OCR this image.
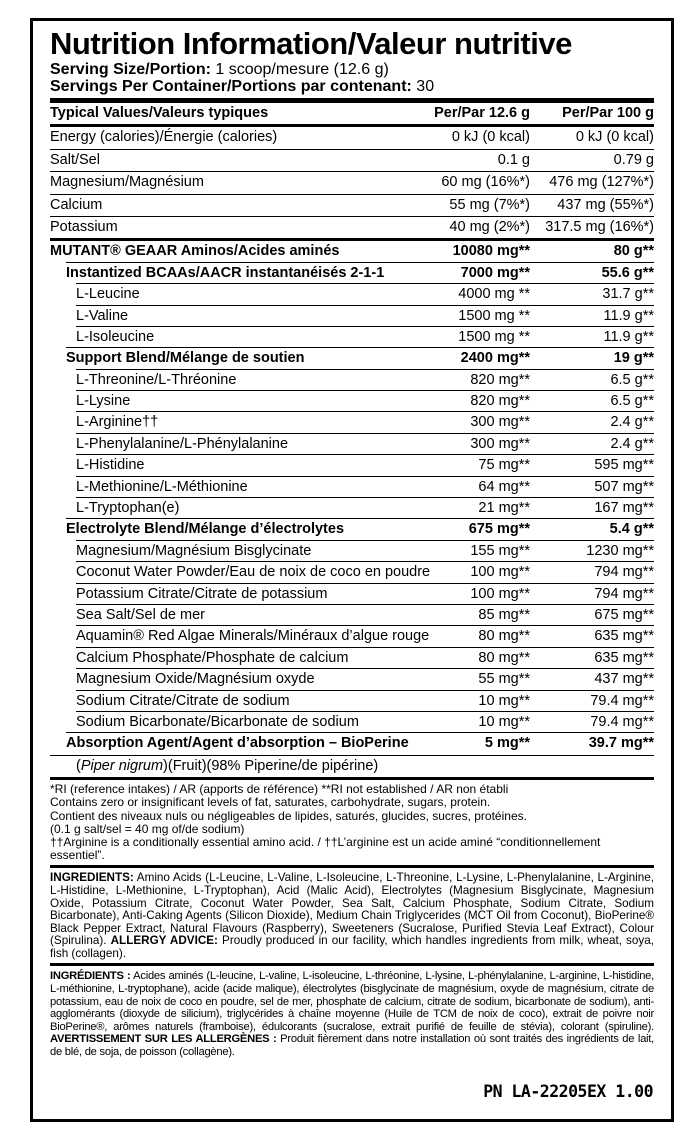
Nutrition Information/Valeur nutritive
Serving Size/Portion: 1 scoop/mesure (12.6 g)
Servings Per Container/Portions par contenant: 30
Typical Values/Valeurs typiques	Per/Par 12.6 g Per/Par 100 g
Energy (calories)/Énergie (calories)	0 kJ (0 kcal)	0 kJ (0 kcal)
Salt/Sel	0.1 g	0.79 g
Magnesium/Magnésium	60 mg (16%*) 476 mg (127%*)
Calcium	55 mg (7%*) 437 mg (55%*)
Potassium	40 mg (2%*) 317.5 mg (16%*)
MUTANT® GEAAR Aminos/Acides aminés	10080 mg**	80 g**
Instantized BCAAs/AACR instantanéisés 2-1-1	7000 mg**	55.6 g**
L-Leucine	4000 mg **	31.7 g**
L-Valine	1500 mg **	11.9 g**
L-Isoleucine	1500 mg **	11.9 g**
Support Blend/Mélange de soutien	2400 mg**	19 g**
L-Threonine/L-Thréonine	820 mg**	6.5 g**
L-Lysine	820 mg**	6.5 g**
L-Arginine††	300 mg**	2.4 g**
L-Phenylalanine/L-Phénylalanine	300 mg**	2.4 g**
L-Histidine	75 mg**	595 mg**
L-Methionine/L-Méthionine	64 mg**	507 mg**
L-Tryptophan(e)	21 mg**	167 mg**
Electrolyte Blend/Mélange d’électrolytes	675 mg**	5.4 g**
Magnesium/Magnésium Bisglycinate	155 mg**	1230 mg**
Coconut Water Powder/Eau de noix de coco en poudre	100 mg**	794 mg**
Potassium Citrate/Citrate de potassium	100 mg**	794 mg**
Sea Salt/Sel de mer	85 mg**	675 mg**
Aquamin® Red Algae Minerals/Minéraux d’algue rouge	80 mg**	635 mg**
Calcium Phosphate/Phosphate de calcium	80 mg**	635 mg**
Magnesium Oxide/Magnésium oxyde	55 mg**	437 mg**
Sodium Citrate/Citrate de sodium	10 mg**	79.4 mg**
Sodium Bicarbonate/Bicarbonate de sodium	10 mg**	79.4 mg**
Absorption Agent/Agent d’absorption – BioPerine	5 mg**	39.7 mg**
(Piper nigrum)(Fruit)(98% Piperine/de pipérine)
*RI (reference intakes) / AR (apports de référence) **RI not established / AR non établi
Contains zero or insignificant levels of fat, saturates, carbohydrate, sugars, protein.
Contient des niveaux nuls ou négligeables de lipides, saturés, glucides, sucres, protéines.
(0.1 g salt/sel = 40 mg of/de sodium)
††Arginine is a conditionally essential amino acid. / ††L’arginine est un acide aminé “conditionnellement essentiel”.
INGREDIENTS: Amino Acids (L-Leucine, L-Valine, L-Isoleucine, L-Threonine, L-Lysine, L-Phenylalanine, L-Arginine, L-Histidine, L-Methionine, L-Tryptophan), Acid (Malic Acid), Electrolytes (Magnesium Bisglycinate, Magnesium Oxide, Potassium Citrate, Coconut Water Powder, Sea Salt, Calcium Phosphate, Sodium Citrate, Sodium Bicarbonate), Anti-Caking Agents (Silicon Dioxide), Medium Chain Triglycerides (MCT Oil from Coconut), BioPerine® Black Pepper Extract, Natural Flavours (Raspberry), Sweeteners (Sucralose, Purified Stevia Leaf Extract), Colour (Spirulina). ALLERGY ADVICE: Proudly produced in our facility, which handles ingredients from milk, wheat, soya, fish (collagen).
INGRÉDIENTS : Acides aminés (L-leucine, L-valine, L-isoleucine, L-thréonine, L-lysine, L-phénylalanine, L-arginine, L-histidine, L-méthionine, L-tryptophane), acide (acide malique), électrolytes (bisglycinate de magnésium, oxyde de magnésium, citrate de potassium, eau de noix de coco en poudre, sel de mer, phosphate de calcium, citrate de sodium, bicarbonate de sodium), anti-agglomérants (dioxyde de silicium), triglycérides à chaîne moyenne (Huile de TCM de noix de coco), extrait de poivre noir BioPerine®, arômes naturels (framboise), édulcorants (sucralose, extrait purifié de feuille de stévia), colorant (spiruline). AVERTISSEMENT SUR LES ALLERGÈNES : Produit fièrement dans notre installation où sont traités des ingrédients de lait, de blé, de soja, de poisson (collagène).
PN LA-22205EX 1.00
